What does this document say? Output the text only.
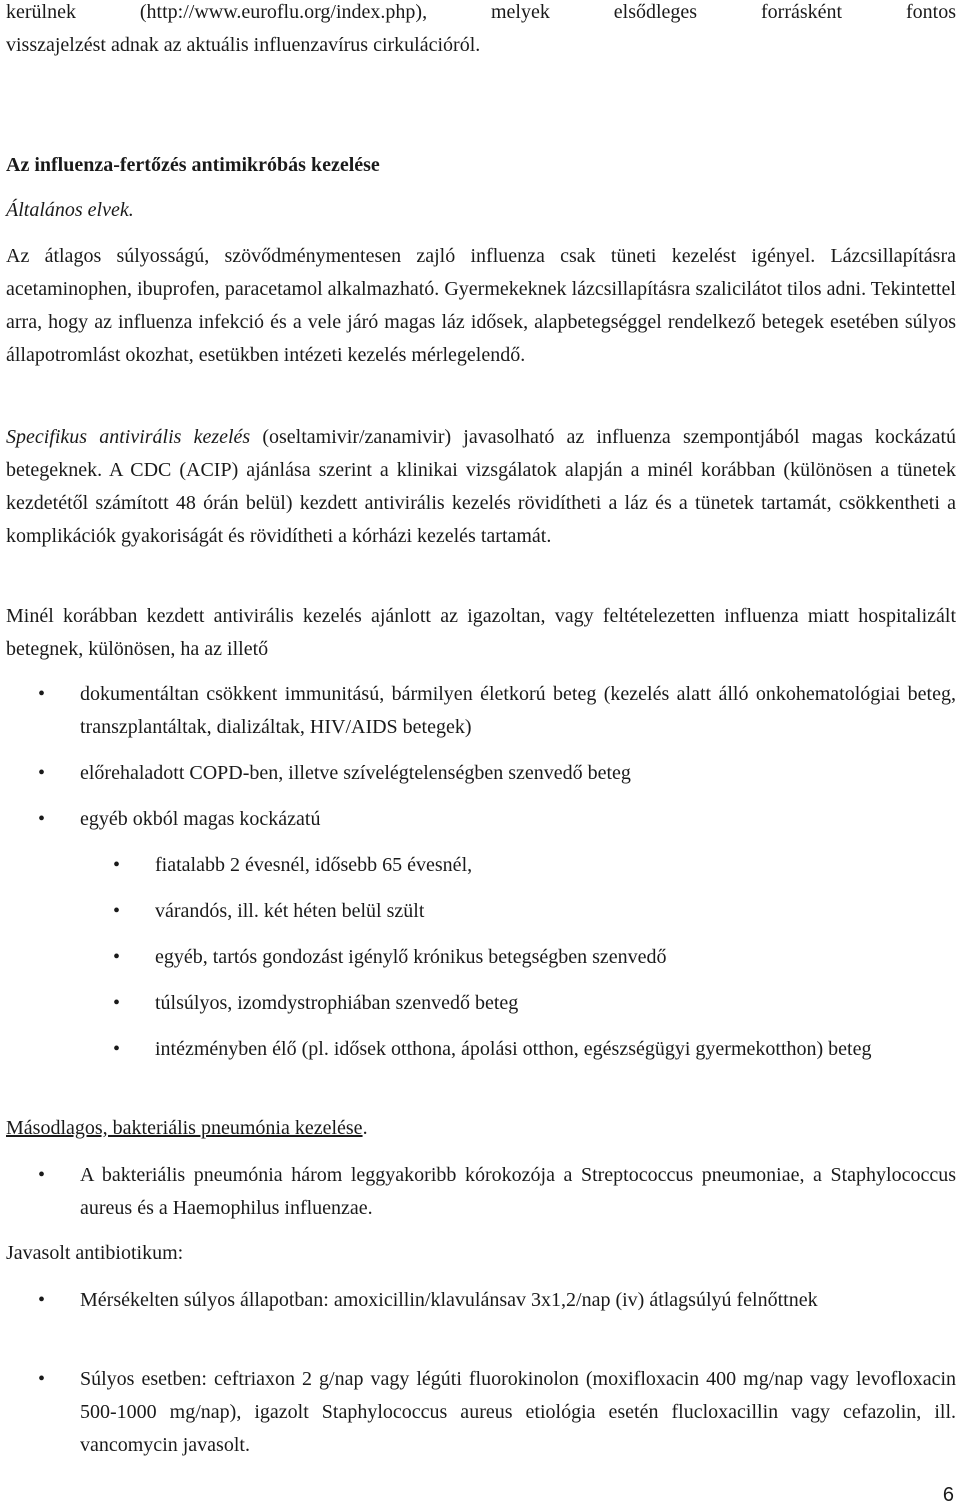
kerülnek (http://www.euroflu.org/index.php), melyek elsődleges forrásként fontos
visszajelzést adnak az aktuális influenzavírus cirkulációról.
Az influenza-fertőzés antimikróbás kezelése
Általános elvek.
Az átlagos súlyosságú, szövődménymentesen zajló influenza csak tüneti kezelést igényel. Lázcsillapításra acetaminophen, ibuprofen, paracetamol alkalmazható. Gyermekeknek lázcsillapításra szalicilátot tilos adni. Tekintettel arra, hogy az influenza infekció és a vele járó magas láz idősek, alapbetegséggel rendelkező betegek esetében súlyos állapotromlást okozhat, esetükben intézeti kezelés mérlegelendő.
Specifikus antivirális kezelés (oseltamivir/zanamivir) javasolható az influenza szempontjából magas kockázatú betegeknek. A CDC (ACIP) ajánlása szerint a klinikai vizsgálatok alapján a minél korábban (különösen a tünetek kezdetétől számított 48 órán belül) kezdett antivirális kezelés rövidítheti a láz és a tünetek tartamát, csökkentheti a komplikációk gyakoriságát és rövidítheti a kórházi kezelés tartamát.
Minél korábban kezdett antivirális kezelés ajánlott az igazoltan, vagy feltételezetten influenza miatt hospitalizált betegnek, különösen, ha az illető
• dokumentáltan csökkent immunitású, bármilyen életkorú beteg (kezelés alatt álló onkohematológiai beteg, transzplantáltak, dializáltak, HIV/AIDS betegek)
• előrehaladott COPD-ben, illetve szívelégtelenségben szenvedő beteg
• egyéb okból magas kockázatú
• fiatalabb 2 évesnél, idősebb 65 évesnél,
• várandós, ill. két héten belül szült
• egyéb, tartós gondozást igénylő krónikus betegségben szenvedő
• túlsúlyos, izomdystrophiában szenvedő beteg
• intézményben élő (pl. idősek otthona, ápolási otthon, egészségügyi gyermekotthon) beteg
Másodlagos, bakteriális pneumónia kezelése.
• A bakteriális pneumónia három leggyakoribb kórokozója a Streptococcus pneumoniae, a Staphylococcus aureus és a Haemophilus influenzae.
Javasolt antibiotikum:
• Mérsékelten súlyos állapotban: amoxicillin/klavulánsav 3x1,2/nap (iv) átlagsúlyú felnőttnek
• Súlyos esetben: ceftriaxon 2 g/nap vagy légúti fluorokinolon (moxifloxacin 400 mg/nap vagy levofloxacin 500-1000 mg/nap), igazolt Staphylococcus aureus etiológia esetén flucloxacillin vagy cefazolin, ill. vancomycin javasolt.
6
